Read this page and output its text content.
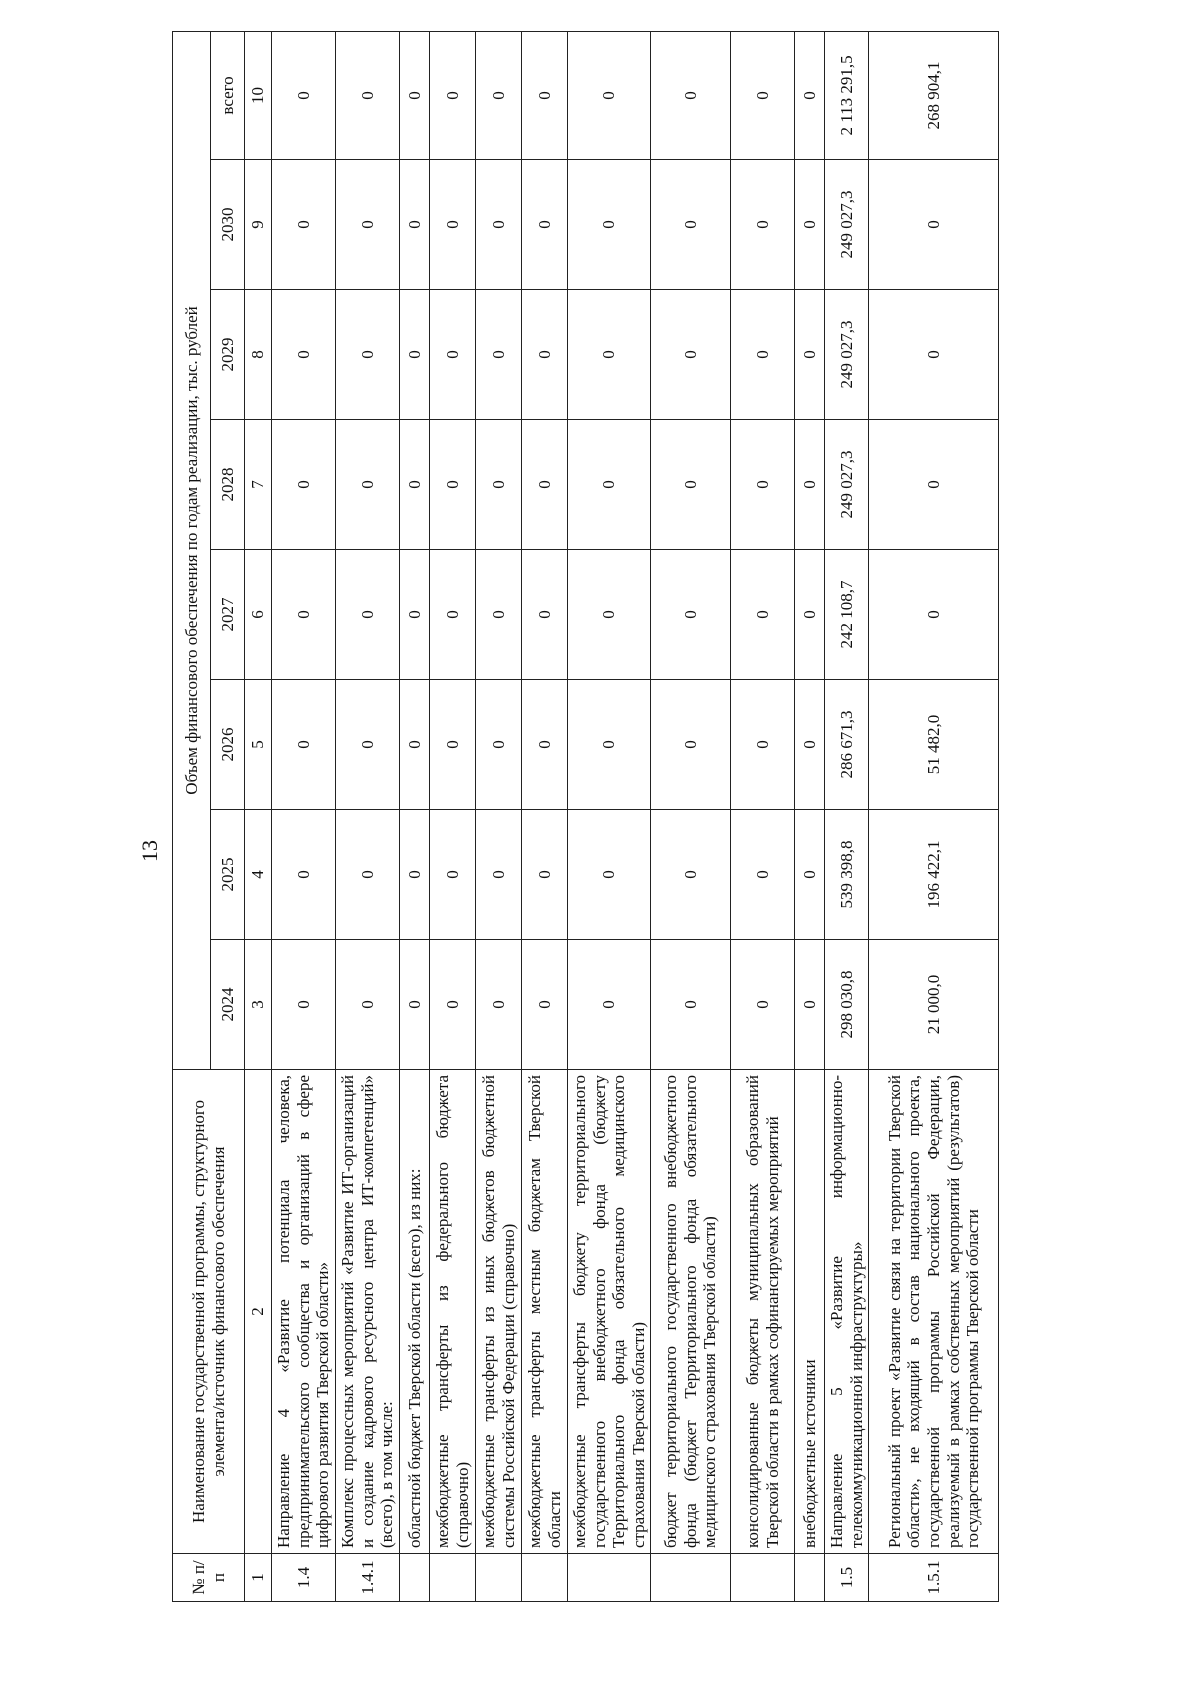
13
№ п/п	Наименование государственной программы, структурного элемента/источник финансового обеспечения	Объем финансового обеспечения по годам реализации, тыс. рублей							
		2024	2025	2026	2027	2028	2029	2030	всего
1	2	3	4	5	6	7	8	9	10
1.4	Направление 4 «Развитие потенциала человека, предпринимательского сообщества и организаций в сфере цифрового развития Тверской области»	0	0	0	0	0	0	0	0
1.4.1	Комплекс процессных мероприятий «Развитие ИТ-организаций и создание кадрового ресурсного центра ИТ-компетенций» (всего), в том числе:	0	0	0	0	0	0	0	0
	областной бюджет Тверской области (всего), из них:	0	0	0	0	0	0	0	0
	межбюджетные трансферты из федерального бюджета (справочно)	0	0	0	0	0	0	0	0
	межбюджетные трансферты из иных бюджетов бюджетной системы Российской Федерации (справочно)	0	0	0	0	0	0	0	0
	межбюджетные трансферты местным бюджетам Тверской области	0	0	0	0	0	0	0	0
	межбюджетные трансферты бюджету территориального государственного внебюджетного фонда (бюджету Территориального фонда обязательного медицинского страхования Тверской области)	0	0	0	0	0	0	0	0
	бюджет территориального государственного внебюджетного фонда (бюджет Территориального фонда обязательного медицинского страхования Тверской области)	0	0	0	0	0	0	0	0
	консолидированные бюджеты муниципальных образований Тверской области в рамках софинансируемых мероприятий	0	0	0	0	0	0	0	0
	внебюджетные источники	0	0	0	0	0	0	0	0
1.5	Направление 5 «Развитие информационно-телекоммуникационной инфраструктуры»	298 030,8	539 398,8	286 671,3	242 108,7	249 027,3	249 027,3	249 027,3	2 113 291,5
1.5.1	Региональный проект «Развитие связи на территории Тверской области», не входящий в состав национального проекта, государственной программы Российской Федерации, реализуемый в рамках собственных мероприятий (результатов) государственной программы Тверской области	21 000,0	196 422,1	51 482,0	0	0	0	0	268 904,1
